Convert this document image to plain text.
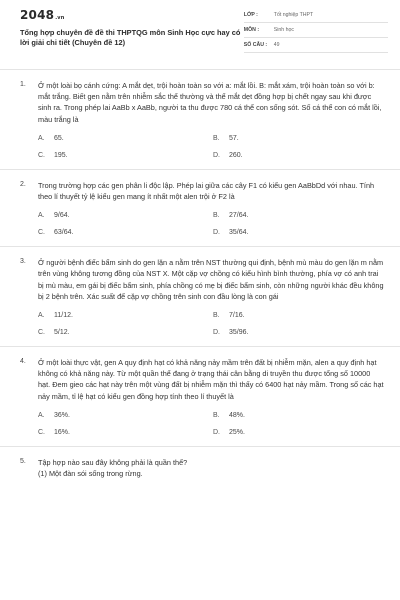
2048.vn
Tổng hợp chuyên đề đề thi THPTQG môn Sinh Học cực hay có lời giải chi tiết (Chuyên đề 12)
LỚP :	Tốt nghiệp THPT
MÔN :	Sinh học
SỐ CÂU :	49
1.	Ở một loài bọ cánh cứng: A mắt dẹt, trội hoàn toàn so với a: mắt lồi. B: mắt xám, trội hoàn toàn so với b: mắt trắng. Biết gen nằm trên nhiễm sắc thể thường và thể mắt dẹt đồng hợp bị chết ngay sau khi được sinh ra. Trong phép lai AaBb x AaBb, người ta thu được 780 cá thể con sống sót. Số cá thể con có mắt lồi, màu trắng là

A.	65.	B.	57.
C.	195.	D.	260.
2.	Trong trường hợp các gen phân li độc lập. Phép lai giữa các cây F1 có kiểu gen AaBbDd với nhau. Tính theo lí thuyết tỷ lệ kiểu gen mang ít nhất một alen trội ở F2 là

A.	9/64.	B.	27/64.
C.	63/64.	D.	35/64.
3.	Ở người bệnh điếc bẩm sinh do gen lặn a nằm trên NST thường qui định, bệnh mù màu do gen lặn m nằm trên vùng không tương đồng của NST X. Một cặp vợ chồng có kiểu hình bình thường, phía vợ có anh trai bị mù màu, em gái bị điếc bẩm sinh, phía chồng có mẹ bị điếc bẩm sinh, còn những người khác đều không bị 2 bệnh trên. Xác suất để cặp vợ chồng trên sinh con đầu lòng là con gái

A.	11/12.	B.	7/16.
C.	5/12.	D.	35/96.
4.	Ở một loài thực vật, gen A quy định hạt có khả năng nảy mầm trên đất bị nhiễm mặn, alen a quy định hạt không có khả năng này. Từ một quần thể đang ở trạng thái cân bằng di truyền thu được tổng số 10000 hạt. Đem gieo các hạt này trên một vùng đất bị nhiễm mặn thì thấy có 6400 hạt nảy mầm. Trong số các hạt nảy mầm, tỉ lệ hạt có kiểu gen đồng hợp tính theo lí thuyết là

A.	36%.	B.	48%.
C.	16%.	D.	25%.
5.	Tập hợp nào sau đây không phải là quần thể?

(1) Một đàn sói sống trong rừng.
